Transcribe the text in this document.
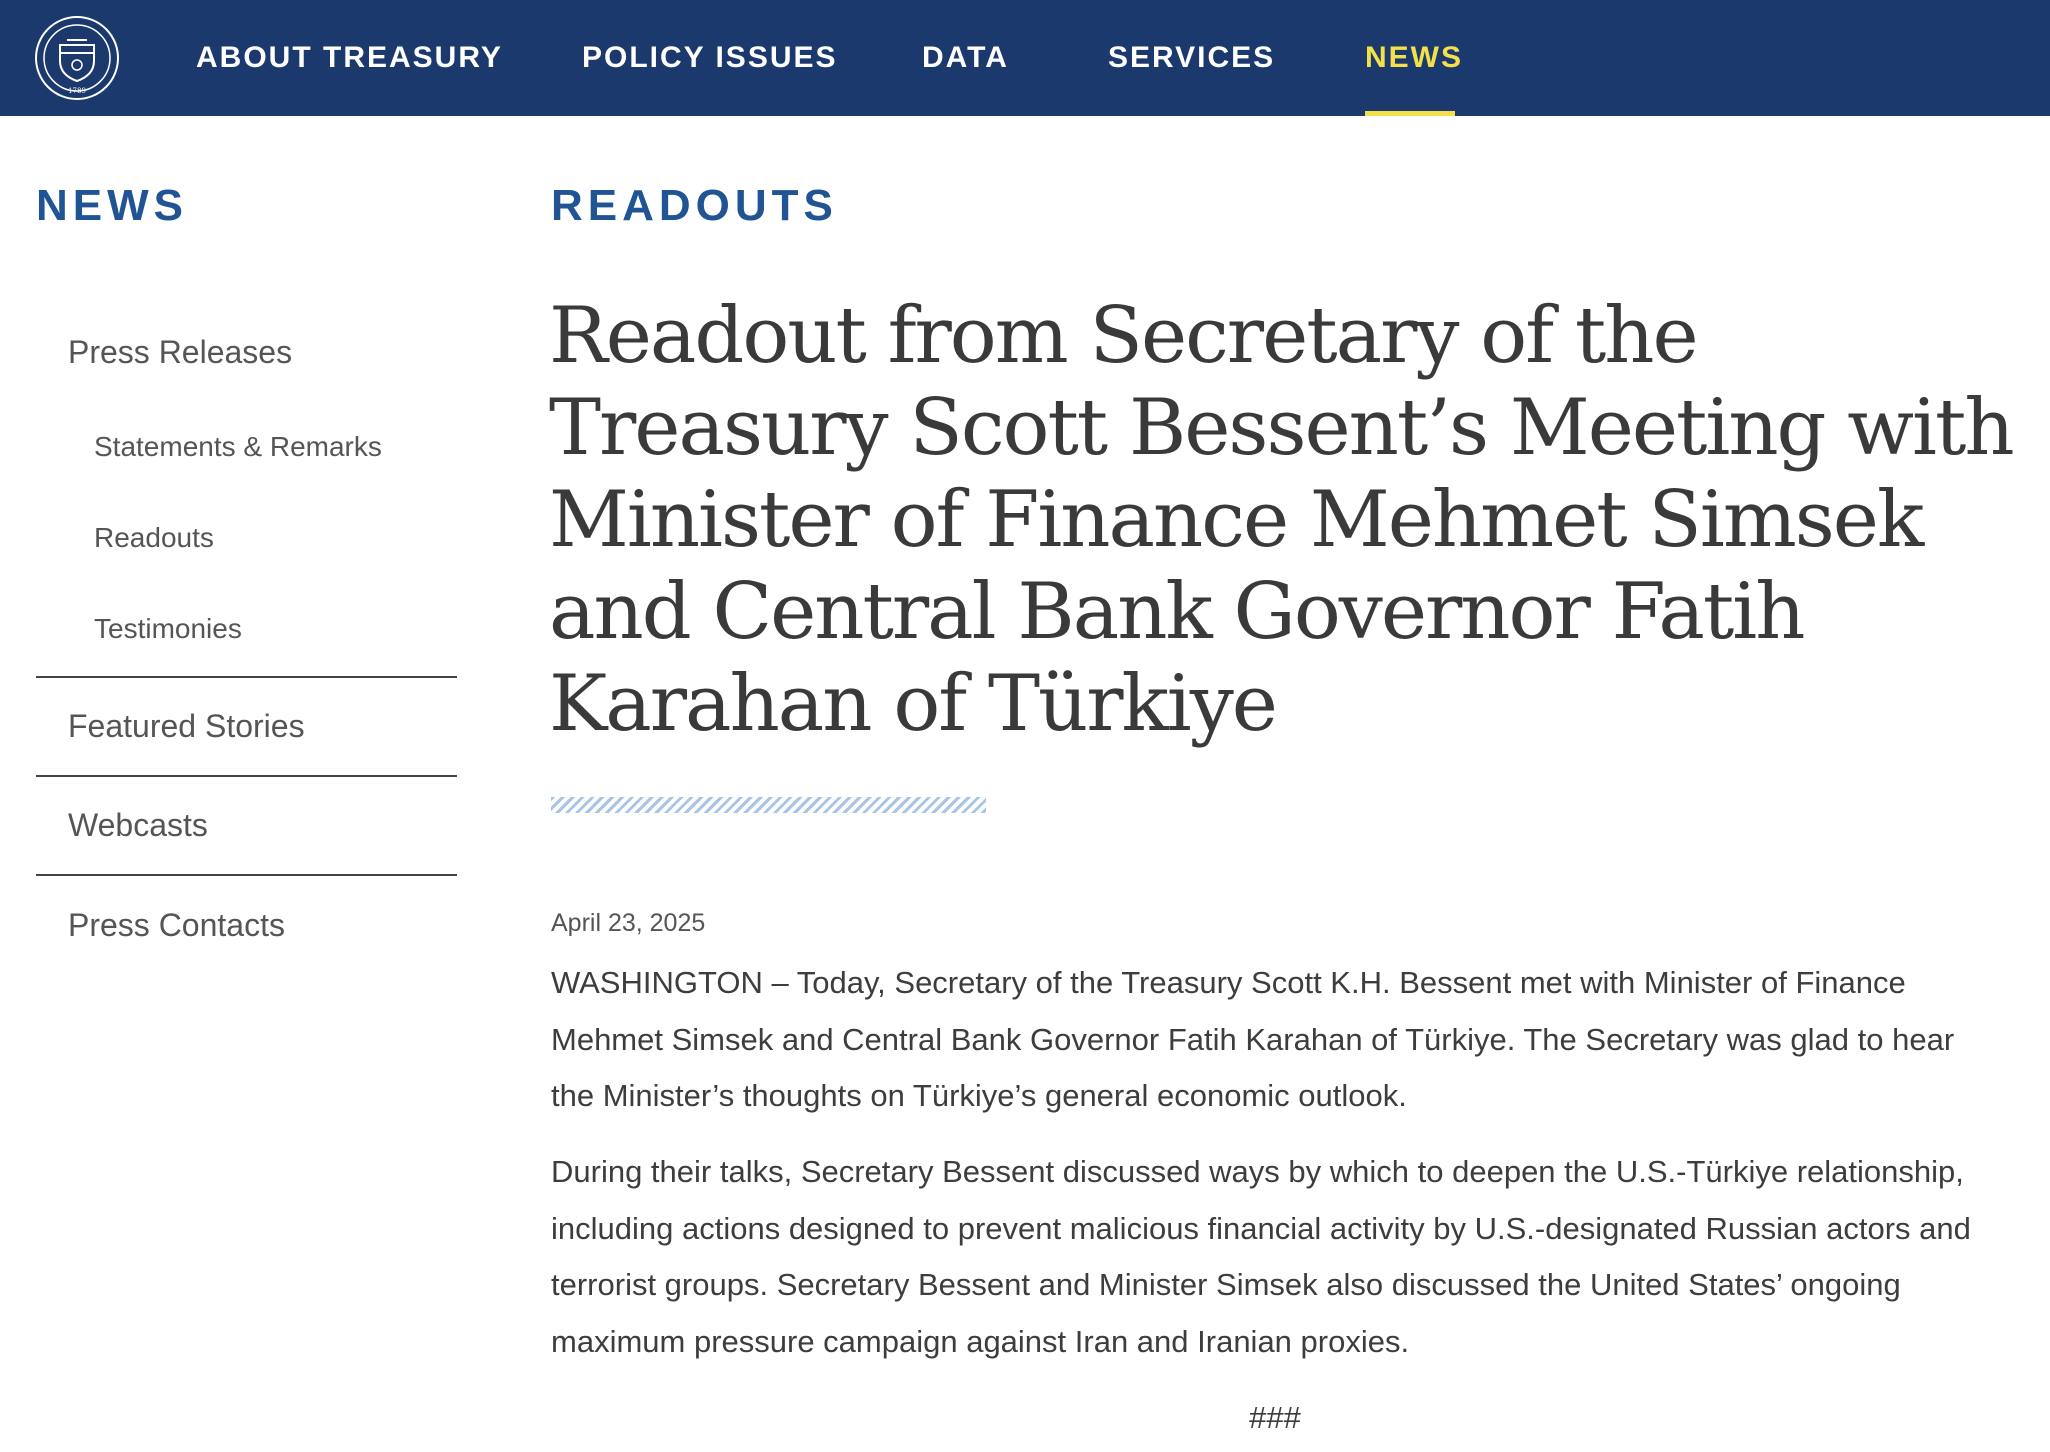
1789
ABOUT TREASURY	POLICY ISSUES	DATA	SERVICES	NEWS
NEWS
Press Releases
Statements & Remarks
Readouts
Testimonies
Featured Stories
Webcasts
Press Contacts
READOUTS
Readout from Secretary of the Treasury Scott Bessent’s Meeting with Minister of Finance Mehmet Simsek and Central Bank Governor Fatih Karahan of Türkiye
April 23, 2025

WASHINGTON – Today, Secretary of the Treasury Scott K.H. Bessent met with Minister of Finance Mehmet Simsek and Central Bank Governor Fatih Karahan of Türkiye. The Secretary was glad to hear the Minister’s thoughts on Türkiye’s general economic outlook.

During their talks, Secretary Bessent discussed ways by which to deepen the U.S.-Türkiye relationship, including actions designed to prevent malicious financial activity by U.S.-designated Russian actors and terrorist groups. Secretary Bessent and Minister Simsek also discussed the United States’ ongoing maximum pressure campaign against Iran and Iranian proxies.

###
